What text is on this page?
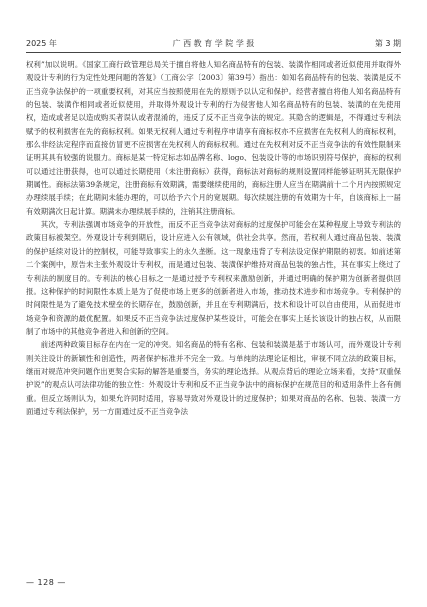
2025 年	广 西 教 育 学 院 学 报	第 3 期

权利”加以说明。《国家工商行政管理总局关于擅自将他人知名商品特有的包装、装潢作相同或者近似使用并取得外观设计专利的行为定性处理问题的答复》（工商公字〔2003〕第39号）指出：如知名商品特有的包装、装潢是反不正当竞争法保护的一项重要权利，对其应当按照使用在先的原则予以认定和保护。经营者擅自将他人知名商品特有的包装、装潢作相同或者近似使用，并取得外观设计专利的行为侵害他人知名商品特有的包装、装潢的在先使用权，造成或者足以造成购买者误认或者混淆的，违反了反不正当竞争法的规定。其隐含的逻辑是，不得通过专利法赋予的权利损害在先的商标权利。如果无权利人通过专利程序申请享有商标权亦不应损害在先权利人的商标权利，那么非经法定程序而直接仿冒更不应损害在先权利人的商标权利。通过在先权利对反不正当竞争法的有效性限制来证明其具有较强的说服力。商标是某一特定标志如品牌名称、logo、包装设计等的市场识别符号保护，商标的权利可以通过注册获得，也可以通过长期使用（未注册商标）获得，商标法对商标的规则设置同样能够证明其无限保护期属性。商标法第39条规定，注册商标有效期满，需要继续使用的，商标注册人应当在期满前十二个月内按照规定办理续展手续；在此期间未能办理的，可以给予六个月的宽展期。每次续展注册的有效期为十年，自该商标上一届有效期满次日起计算。期满未办理续展手续的，注销其注册商标。

其次，专利法强调市场竞争的开放性，而反不正当竞争法对商标的过度保护可能会在某种程度上导致专利法的政策目标被架空。外观设计专利到期后，设计应进入公有领域，供社会共享。然而，若权利人通过商品包装、装潢的保护延续对设计的控制权，可能导致事实上的永久垄断。这一现象违背了专利法设定保护期限的初衷。如前述第二个案例中，原告未主张外观设计专利权，而是通过包装、装潢保护维持对商品包装的独占性，其在事实上绕过了专利法的制度目的。专利法的核心目标之一是通过授予专利权来激励创新，并通过明确的保护期为创新者提供回报。这种保护的时间限性本质上是为了促使市场上更多的创新者进入市场，推动技术进步和市场竞争。专利保护的时间限性是为了避免技术壁垒的长期存在，鼓励创新，并且在专利期满后，技术和设计可以自由使用，从而促进市场竞争和资源的最优配置。如果反不正当竞争法过度保护某些设计，可能会在事实上延长该设计的独占权，从而限制了市场中的其他竞争者进入和创新的空间。

前述两种政策目标存在内在一定的冲突。知名商品的特有名称、包装和装潢是基于市场认可，而外观设计专利则关注设计的新颖性和创造性，两者保护标准并不完全一致。与单纯的法理论证相比，审视不同立法的政策目标，继而对规范冲突问题作出更契合实际的解答是重要当，务实的理论选择。从观点背后的理论立场来看，支持“双重保护说”的观点认可法律功能的独立性：外观设计专利和反不正当竞争法中的商标保护在规范目的和适用条件上各有侧重。但反立场则认为，如果允许同时适用，容易导致对外观设计的过度保护；如果对商品的名称、包装、装潢一方面通过专利法保护，另一方面通过反不正当竞争法

— 128 —
